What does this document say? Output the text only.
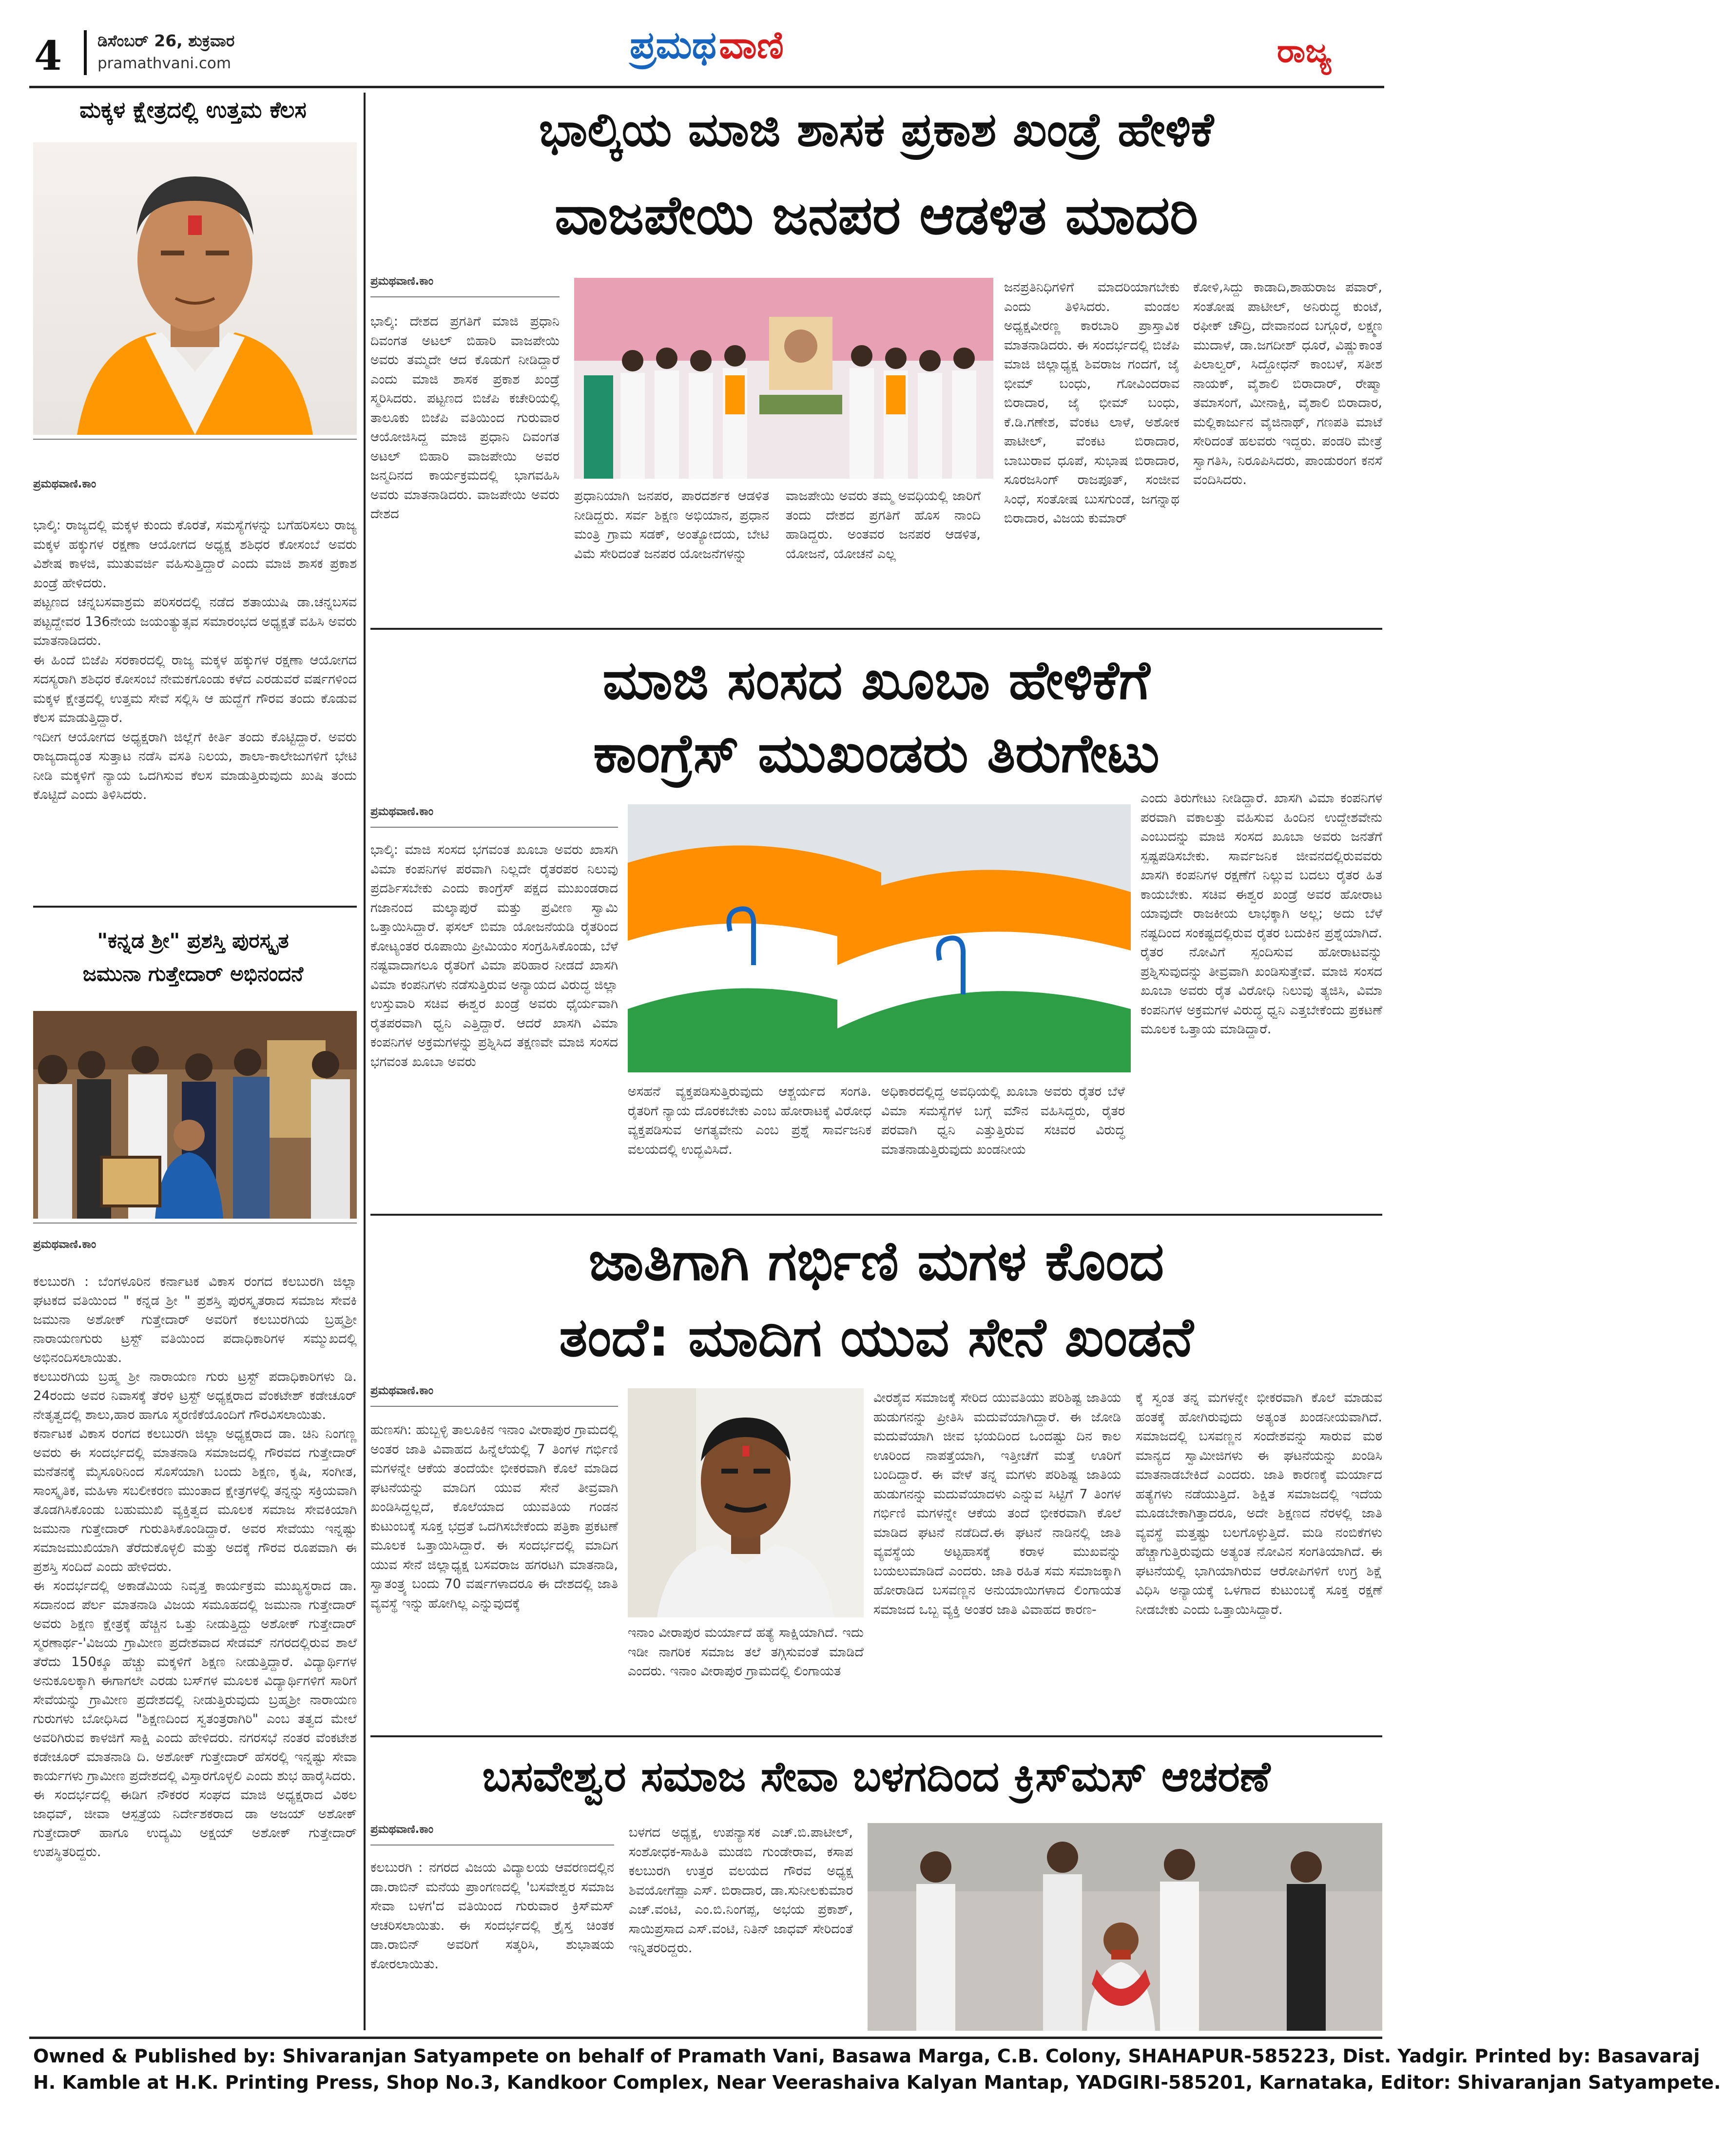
4 ಡಿಸೆಂಬರ್ 26, ಶುಕ್ರವಾರ
pramathvani.com	ಪ್ರಮಥ ವಾಣಿ	ರಾಜ್ಯ
ಮಕ್ಕಳ ಕ್ಷೇತ್ರದಲ್ಲಿ ಉತ್ತಮ ಕೆಲಸ
ಪ್ರಮಥವಾಣಿ.ಕಾಂ

ಭಾಲ್ಕಿ: ರಾಜ್ಯದಲ್ಲಿ ಮಕ್ಕಳ ಕುಂದು ಕೊರತೆ, ಸಮಸ್ಯೆಗಳನ್ನು ಬಗೆಹರಿಸಲು ರಾಜ್ಯ ಮಕ್ಕಳ ಹಕ್ಕುಗಳ ರಕ್ಷಣಾ ಆಯೋಗದ ಅಧ್ಯಕ್ಷ ಶಶಿಧರ ಕೋಸಂಬೆ ಅವರು ವಿಶೇಷ ಕಾಳಜಿ, ಮುತುವರ್ಜಿ ವಹಿಸುತ್ತಿದ್ದಾರೆ ಎಂದು ಮಾಜಿ ಶಾಸಕ ಪ್ರಕಾಶ ಖಂಡ್ರೆ ಹೇಳಿದರು.

ಪಟ್ಟಣದ ಚನ್ನಬಸವಾಶ್ರಮ ಪರಿಸರದಲ್ಲಿ ನಡೆದ ಶತಾಯುಷಿ ಡಾ.ಚನ್ನಬಸವ ಪಟ್ಟದ್ದೇವರ 136ನೇಯ ಜಯಂತ್ಯುತ್ಸವ ಸಮಾರಂಭದ ಅಧ್ಯಕ್ಷತೆ ವಹಿಸಿ ಅವರು ಮಾತನಾಡಿದರು.

ಈ ಹಿಂದೆ ಬಿಜೆಪಿ ಸರಕಾರದಲ್ಲಿ ರಾಜ್ಯ ಮಕ್ಕಳ ಹಕ್ಕುಗಳ ರಕ್ಷಣಾ ಆಯೋಗದ ಸದಸ್ಯರಾಗಿ ಶಶಿಧರ ಕೋಸಂಬೆ ನೇಮಕಗೊಂಡು ಕಳೆದ ಎರಡುವರೆ ವರ್ಷಗಳಿಂದ ಮಕ್ಕಳ ಕ್ಷೇತ್ರದಲ್ಲಿ ಉತ್ತಮ ಸೇವೆ ಸಲ್ಲಿಸಿ ಆ ಹುದ್ದೆಗೆ ಗೌರವ ತಂದು ಕೊಡುವ ಕೆಲಸ ಮಾಡುತ್ತಿದ್ದಾರೆ.

ಇದೀಗ ಆಯೋಗದ ಅಧ್ಯಕ್ಷರಾಗಿ ಜಿಲ್ಲೆಗೆ ಕೀರ್ತಿ ತಂದು ಕೊಟ್ಟಿದ್ದಾರೆ. ಅವರು ರಾಜ್ಯದಾದ್ಯಂತ ಸುತ್ತಾಟ ನಡೆಸಿ ವಸತಿ ನಿಲಯ, ಶಾಲಾ-ಕಾಲೇಜುಗಳಿಗೆ ಭೇಟಿ ನೀಡಿ ಮಕ್ಕಳಿಗೆ ನ್ಯಾಯ ಒದಗಿಸುವ ಕೆಲಸ ಮಾಡುತ್ತಿರುವುದು ಖುಷಿ ತಂದು ಕೊಟ್ಟಿದೆ ಎಂದು ತಿಳಿಸಿದರು.

"ಕನ್ನಡ ಶ್ರೀ" ಪ್ರಶಸ್ತಿ ಪುರಸ್ಕೃತ
ಜಮುನಾ ಗುತ್ತೇದಾರ್ ಅಭಿನಂದನೆ
ಪ್ರಮಥವಾಣಿ.ಕಾಂ

ಕಲಬುರಗಿ : ಬೆಂಗಳೂರಿನ ಕರ್ನಾಟಕ ವಿಕಾಸ ರಂಗದ ಕಲಬುರಗಿ ಜಿಲ್ಲಾ ಘಟಕದ ವತಿಯಿಂದ " ಕನ್ನಡ ಶ್ರೀ " ಪ್ರಶಸ್ತಿ ಪುರಸ್ಕೃತರಾದ ಸಮಾಜ ಸೇವಕಿ ಜಮುನಾ ಅಶೋಕ್ ಗುತ್ತೇದಾರ್ ಅವರಿಗೆ ಕಲಬುರಗಿಯ ಬ್ರಹ್ಮಶ್ರೀ ನಾರಾಯಣಗುರು ಟ್ರಸ್ಟ್ ವತಿಯಿಂದ ಪದಾಧಿಕಾರಿಗಳ ಸಮ್ಮುಖದಲ್ಲಿ ಅಭಿನಂದಿಸಲಾಯಿತು.

ಕಲಬುರಗಿಯ ಬ್ರಹ್ಮ ಶ್ರೀ ನಾರಾಯಣ ಗುರು ಟ್ರಸ್ಟ್ ಪದಾಧಿಕಾರಿಗಳು ಡಿ. 24ರಂದು ಅವರ ನಿವಾಸಕ್ಕೆ ತೆರಳಿ ಟ್ರಸ್ಟ್ ಅಧ್ಯಕ್ಷರಾದ ವೆಂಕಟೇಶ್ ಕಡೇಚೂರ್ ನೇತೃತ್ವದಲ್ಲಿ ಶಾಲು,ಹಾರ ಹಾಗೂ ಸ್ಮರಣಿಕೆಯೊಂದಿಗೆ ಗೌರವಿಸಲಾಯಿತು.

ಕರ್ನಾಟಕ ವಿಕಾಸ ರಂಗದ ಕಲಬುರಗಿ ಜಿಲ್ಲಾ ಅಧ್ಯಕ್ಷರಾದ ಡಾ. ಚಿನಿ ನಿಂಗಣ್ಣ ಅವರು ಈ ಸಂದರ್ಭದಲ್ಲಿ ಮಾತನಾಡಿ ಸಮಾಜದಲ್ಲಿ ಗೌರವದ ಗುತ್ತೇದಾರ್ ಮನೆತನಕ್ಕೆ ಮೈಸೂರಿನಿಂದ ಸೊಸೆಯಾಗಿ ಬಂದು ಶಿಕ್ಷಣ, ಕೃಷಿ, ಸಂಗೀತ, ಸಾಂಸ್ಕೃತಿಕ, ಮಹಿಳಾ ಸಬಲೀಕರಣ ಮುಂತಾದ ಕ್ಷೇತ್ರಗಳಲ್ಲಿ ತನ್ನನ್ನು ಸಕ್ರಿಯವಾಗಿ ತೊಡಗಿಸಿಕೊಂಡು ಬಹುಮುಖಿ ವ್ಯಕ್ತಿತ್ವದ ಮೂಲಕ ಸಮಾಜ ಸೇವಕಿಯಾಗಿ ಜಮುನಾ ಗುತ್ತೇದಾರ್ ಗುರುತಿಸಿಕೊಂಡಿದ್ದಾರೆ. ಅವರ ಸೇವೆಯು ಇನ್ನಷ್ಟು ಸಮಾಜಮುಖಿಯಾಗಿ ತೆರೆದುಕೊಳ್ಳಲಿ ಮತ್ತು ಅದಕ್ಕೆ ಗೌರವ ರೂಪವಾಗಿ ಈ ಪ್ರಶಸ್ತಿ ಸಂದಿದೆ ಎಂದು ಹೇಳಿದರು.

ಈ ಸಂದರ್ಭದಲ್ಲಿ ಅಕಾಡೆಮಿಯ ನಿವೃತ್ತ ಕಾರ್ಯಕ್ರಮ ಮುಖ್ಯಸ್ಥರಾದ ಡಾ. ಸದಾನಂದ ಪೆರ್ಲ ಮಾತನಾಡಿ ವಿಜಯ ಸಮೂಹದಲ್ಲಿ ಜಮುನಾ ಗುತ್ತೇದಾರ್ ಅವರು ಶಿಕ್ಷಣ ಕ್ಷೇತ್ರಕ್ಕೆ ಹೆಚ್ಚಿನ ಒತ್ತು ನೀಡುತ್ತಿದ್ದು ಅಶೋಕ್ ಗುತ್ತೇದಾರ್ ಸ್ಮರಣಾರ್ಥ-'ವಿಜಯ ಗ್ರಾಮೀಣ ಪ್ರದೇಶವಾದ ಸೇಡಮ್ ನಗರದಲ್ಲಿರುವ ಶಾಲೆ ತೆರೆದು 150ಕ್ಕೂ ಹೆಚ್ಚು ಮಕ್ಕಳಿಗೆ ಶಿಕ್ಷಣ ನೀಡುತ್ತಿದ್ದಾರೆ. ವಿದ್ಯಾರ್ಥಿಗಳ ಅನುಕೂಲಕ್ಕಾಗಿ ಈಗಾಗಲೇ ಎರಡು ಬಸ್‌ಗಳ ಮೂಲಕ ವಿದ್ಯಾರ್ಥಿಗಳಿಗೆ ಸಾರಿಗೆ ಸೇವೆಯನ್ನು ಗ್ರಾಮೀಣ ಪ್ರದೇಶದಲ್ಲಿ ನೀಡುತ್ತಿರುವುದು ಬ್ರಹ್ಮಶ್ರೀ ನಾರಾಯಣ ಗುರುಗಳು ಬೋಧಿಸಿದ "ಶಿಕ್ಷಣದಿಂದ ಸ್ವತಂತ್ರರಾಗಿರಿ" ಎಂಬ ತತ್ವದ ಮೇಲೆ ಅವರಿಗಿರುವ ಕಾಳಜಿಗೆ ಸಾಕ್ಷಿ ಎಂದು ಹೇಳಿದರು. ನಗರಸಭೆ ನಂತರ ವೆಂಕಟೇಶ ಕಡೇಚೂರ್ ಮಾತನಾಡಿ ದಿ. ಅಶೋಕ್ ಗುತ್ತೇದಾರ್ ಹೆಸರಲ್ಲಿ ಇನ್ನಷ್ಟು ಸೇವಾ ಕಾರ್ಯಗಳು ಗ್ರಾಮೀಣ ಪ್ರದೇಶದಲ್ಲಿ ವಿಸ್ತಾರಗೊಳ್ಳಲಿ ಎಂದು ಶುಭ ಹಾರೈಸಿದರು.

ಈ ಸಂದರ್ಭದಲ್ಲಿ ಈಡಿಗ ನೌಕರರ ಸಂಘದ ಮಾಜಿ ಅಧ್ಯಕ್ಷರಾದ ವಿಠಲ ಜಾಧವ್, ಜೀವಾ ಆಸ್ಪತ್ರೆಯ ನಿರ್ದೇಶಕರಾದ ಡಾ ಅಜಯ್ ಅಶೋಕ್ ಗುತ್ತೇದಾರ್ ಹಾಗೂ ಉದ್ಯಮಿ ಅಕ್ಷಯ್ ಅಶೋಕ್ ಗುತ್ತೇದಾರ್ ಉಪಸ್ಥಿತರಿದ್ದರು.

ಭಾಲ್ಕಿಯ ಮಾಜಿ ಶಾಸಕ ಪ್ರಕಾಶ ಖಂಡ್ರೆ ಹೇಳಿಕೆ
ವಾಜಪೇಯಿ ಜನಪರ ಆಡಳಿತ ಮಾದರಿ
ಪ್ರಮಥವಾಣಿ.ಕಾಂ
ಭಾಲ್ಕಿ: ದೇಶದ ಪ್ರಗತಿಗೆ ಮಾಜಿ ಪ್ರಧಾನಿ ದಿವಂಗತ ಅಟಲ್ ಬಿಹಾರಿ ವಾಜಪೇಯಿ ಅವರು ತಮ್ಮದೇ ಆದ ಕೊಡುಗೆ ನೀಡಿದ್ದಾರೆ ಎಂದು ಮಾಜಿ ಶಾಸಕ ಪ್ರಕಾಶ ಖಂಡ್ರೆ ಸ್ಮರಿಸಿದರು. ಪಟ್ಟಣದ ಬಿಜೆಪಿ ಕಚೇರಿಯಲ್ಲಿ ತಾಲೂಕು ಬಿಜೆಪಿ ವತಿಯಿಂದ ಗುರುವಾರ ಆಯೋಜಿಸಿದ್ದ ಮಾಜಿ ಪ್ರಧಾನಿ ದಿವಂಗತ ಅಟಲ್ ಬಿಹಾರಿ ವಾಜಪೇಯಿ ಅವರ ಜನ್ಮದಿನದ ಕಾರ್ಯಕ್ರಮದಲ್ಲಿ ಭಾಗವಹಿಸಿ ಅವರು ಮಾತನಾಡಿದರು. ವಾಜಪೇಯಿ ಅವರು ದೇಶದ
ಪ್ರಧಾನಿಯಾಗಿ ಜನಪರ, ಪಾರದರ್ಶಕ ಆಡಳಿತ ನೀಡಿದ್ದರು. ಸರ್ವ ಶಿಕ್ಷಣ ಅಭಿಯಾನ, ಪ್ರಧಾನ ಮಂತ್ರಿ ಗ್ರಾಮ ಸಡಕ್, ಅಂತ್ಯೋದಯ, ಬೇಟಿ ವಿಮೆ ಸೇರಿದಂತೆ ಜನಪರ ಯೋಜನೆಗಳನ್ನು
ವಾಜಪೇಯಿ ಅವರು ತಮ್ಮ ಅವಧಿಯಲ್ಲಿ ಜಾರಿಗೆ ತಂದು ದೇಶದ ಪ್ರಗತಿಗೆ ಹೊಸ ನಾಂದಿ ಹಾಡಿದ್ದರು. ಅಂತವರ ಜನಪರ ಆಡಳಿತ, ಯೋಜನೆ, ಯೋಚನೆ ಎಲ್ಲ
ಜನಪ್ರತಿನಿಧಿಗಳಿಗೆ ಮಾದರಿಯಾಗಬೇಕು ಎಂದು ತಿಳಿಸಿದರು. ಮಂಡಲ ಅಧ್ಯಕ್ಷವೀರಣ್ಣ ಕಾರಬಾರಿ ಪ್ರಾಸ್ತಾವಿಕ ಮಾತನಾಡಿದರು. ಈ ಸಂದರ್ಭದಲ್ಲಿ ಬಿಜೆಪಿ ಮಾಜಿ ಜಿಲ್ಲಾಧ್ಯಕ್ಷ ಶಿವರಾಜ ಗಂದಗೆ, ಜೈ ಭೀಮ್ ಬಂಧು, ಗೋವಿಂದರಾವ ಬಿರಾದಾರ, ಜೈ ಭೀಮ್ ಬಂಧು, ಕೆ.ಡಿ.ಗಣೇಶ, ವೆಂಕಟ ಲಾಳೆ, ಅಶೋಕ ಪಾಟೀಲ್, ವೆಂಕಟ ಬಿರಾದಾರ, ಬಾಬುರಾವ ಧೂಪೆ, ಸುಭಾಷ ಬಿರಾದಾರ, ಸೂರಜಸಿಂಗ್ ರಾಜಪೂತ್, ಸಂಜೀವ ಸಿಂಧೆ, ಸಂತೋಷ ಬುಸಗುಂಡೆ, ಜಗನ್ನಾಥ ಬಿರಾದಾರ, ವಿಜಯ ಕುಮಾರ್
ಕೋಳಿ,ಸಿದ್ದು ಕಾಡಾದಿ,ಶಾಹುರಾಜ ಪವಾರ್, ಸಂತೋಷ ಪಾಟೀಲ್, ಅನಿರುದ್ಧ ಕುಂಟೆ, ರಫೀಕ್ ಚೌದ್ರಿ, ದೇವಾನಂದ ಬಗ್ಗೂರೆ, ಲಕ್ಷ್ಮಣ ಮುದಾಳೆ, ಡಾ.ಜಗದೀಶ್ ಧೂರೆ, ವಿಷ್ಣುಕಾಂತ ಪಿಲಾಲ್ವರ್, ಸಿದ್ದೋಧನ್ ಕಾಂಬಳೆ, ಸತೀಶ ನಾಯಕ್, ವೈಶಾಲಿ ಬಿರಾದಾರ್, ರೇಷ್ಮಾ ತಮಾಸಂಗೆ, ಮೀನಾಕ್ಷಿ, ವೈಶಾಲಿ ಬಿರಾದಾರ, ಮಲ್ಲಿಕಾರ್ಜುನ ವೈಜಿನಾಥ್, ಗಣಪತಿ ಮಾಟೆ ಸೇರಿದಂತೆ ಹಲವರು ಇದ್ದರು. ಪಂಡರಿ ಮೇತ್ರೆ ಸ್ವಾಗತಿಸಿ, ನಿರೂಪಿಸಿದರು, ಪಾಂಡುರಂಗ ಕನಸೆ ವಂದಿಸಿದರು.
ಮಾಜಿ ಸಂಸದ ಖೂಬಾ ಹೇಳಿಕೆಗೆ
ಕಾಂಗ್ರೆಸ್ ಮುಖಂಡರು ತಿರುಗೇಟು
ಪ್ರಮಥವಾಣಿ.ಕಾಂ
ಭಾಲ್ಕಿ: ಮಾಜಿ ಸಂಸದ ಭಗವಂತ ಖೂಬಾ ಅವರು ಖಾಸಗಿ ವಿಮಾ ಕಂಪನಿಗಳ ಪರವಾಗಿ ನಿಲ್ಲದೇ ರೈತರಪರ ನಿಲುವು ಪ್ರದರ್ಶಿಸಬೇಕು ಎಂದು ಕಾಂಗ್ರೆಸ್ ಪಕ್ಷದ ಮುಖಂಡರಾದ ಗಜಾನಂದ ಮಲ್ಕಾಪುರೆ ಮತ್ತು ಪ್ರವೀಣ ಸ್ವಾಮಿ ಒತ್ತಾಯಿಸಿದ್ದಾರೆ. ಫಸಲ್ ಬಿಮಾ ಯೋಜನೆಯಡಿ ರೈತರಿಂದ ಕೋಟ್ಯಂತರ ರೂಪಾಯಿ ಪ್ರೀಮಿಯಂ ಸಂಗ್ರಹಿಸಿಕೊಂಡು, ಬೆಳೆ ನಷ್ಟವಾದಾಗಲೂ ರೈತರಿಗೆ ವಿಮಾ ಪರಿಹಾರ ನೀಡದೆ ಖಾಸಗಿ ವಿಮಾ ಕಂಪನಿಗಳು ನಡೆಸುತ್ತಿರುವ ಅನ್ಯಾಯದ ವಿರುದ್ಧ ಜಿಲ್ಲಾ ಉಸ್ತುವಾರಿ ಸಚಿವ ಈಶ್ವರ ಖಂಡ್ರೆ ಅವರು ಧೈರ್ಯವಾಗಿ ರೈತಪರವಾಗಿ ಧ್ವನಿ ಎತ್ತಿದ್ದಾರೆ. ಆದರೆ ಖಾಸಗಿ ವಿಮಾ ಕಂಪನಿಗಳ ಅಕ್ರಮಗಳನ್ನು ಪ್ರಶ್ನಿಸಿದ ತಕ್ಷಣವೇ ಮಾಜಿ ಸಂಸದ ಭಗವಂತ ಖೂಬಾ ಅವರು
ಅಸಹನೆ ವ್ಯಕ್ತಪಡಿಸುತ್ತಿರುವುದು ಆಶ್ಚರ್ಯದ ಸಂಗತಿ. ರೈತರಿಗೆ ನ್ಯಾಯ ದೊರಕಬೇಕು ಎಂಬ ಹೋರಾಟಕ್ಕೆ ವಿರೋಧ ವ್ಯಕ್ತಪಡಿಸುವ ಅಗತ್ಯವೇನು ಎಂಬ ಪ್ರಶ್ನೆ ಸಾರ್ವಜನಿಕ ವಲಯದಲ್ಲಿ ಉದ್ಭವಿಸಿದೆ.
ಅಧಿಕಾರದಲ್ಲಿದ್ದ ಅವಧಿಯಲ್ಲಿ ಖೂಬಾ ಅವರು ರೈತರ ಬೆಳೆ ವಿಮಾ ಸಮಸ್ಯೆಗಳ ಬಗ್ಗೆ ಮೌನ ವಹಿಸಿದ್ದರು, ರೈತರ ಪರವಾಗಿ ಧ್ವನಿ ಎತ್ತುತ್ತಿರುವ ಸಚಿವರ ವಿರುದ್ಧ ಮಾತನಾಡುತ್ತಿರುವುದು ಖಂಡನೀಯ
ಎಂದು ತಿರುಗೇಟು ನೀಡಿದ್ದಾರೆ. ಖಾಸಗಿ ವಿಮಾ ಕಂಪನಿಗಳ ಪರವಾಗಿ ವಕಾಲತ್ತು ವಹಿಸುವ ಹಿಂದಿನ ಉದ್ದೇಶವೇನು ಎಂಬುದನ್ನು ಮಾಜಿ ಸಂಸದ ಖೂಬಾ ಅವರು ಜನತೆಗೆ ಸ್ಪಷ್ಟಪಡಿಸಬೇಕು. ಸಾರ್ವಜನಿಕ ಜೀವನದಲ್ಲಿರುವವರು ಖಾಸಗಿ ಕಂಪನಿಗಳ ರಕ್ಷಣೆಗೆ ನಿಲ್ಲುವ ಬದಲು ರೈತರ ಹಿತ ಕಾಯಬೇಕು. ಸಚಿವ ಈಶ್ವರ ಖಂಡ್ರೆ ಅವರ ಹೋರಾಟ ಯಾವುದೇ ರಾಜಕೀಯ ಲಾಭಕ್ಕಾಗಿ ಅಲ್ಲ; ಅದು ಬೆಳೆ ನಷ್ಟದಿಂದ ಸಂಕಷ್ಟದಲ್ಲಿರುವ ರೈತರ ಬದುಕಿನ ಪ್ರಶ್ನೆಯಾಗಿದೆ. ರೈತರ ನೋವಿಗೆ ಸ್ಪಂದಿಸುವ ಹೋರಾಟವನ್ನು ಪ್ರಶ್ನಿಸುವುದನ್ನು ತೀವ್ರವಾಗಿ ಖಂಡಿಸುತ್ತೇವೆ. ಮಾಜಿ ಸಂಸದ ಖೂಬಾ ಅವರು ರೈತ ವಿರೋಧಿ ನಿಲುವು ತ್ಯಜಿಸಿ, ವಿಮಾ ಕಂಪನಿಗಳ ಅಕ್ರಮಗಳ ವಿರುದ್ಧ ಧ್ವನಿ ಎತ್ತಬೇಕೆಂದು ಪ್ರಕಟಣೆ ಮೂಲಕ ಒತ್ತಾಯ ಮಾಡಿದ್ದಾರೆ.
ಜಾತಿಗಾಗಿ ಗರ್ಭಿಣಿ ಮಗಳ ಕೊಂದ
ತಂದೆ: ಮಾದಿಗ ಯುವ ಸೇನೆ ಖಂಡನೆ
ಪ್ರಮಥವಾಣಿ.ಕಾಂ
ಹುಣಸಗಿ: ಹುಬ್ಬಳ್ಳಿ ತಾಲೂಕಿನ ಇನಾಂ ವೀರಾಪುರ ಗ್ರಾಮದಲ್ಲಿ ಅಂತರ ಜಾತಿ ವಿವಾಹದ ಹಿನ್ನೆಲೆಯಲ್ಲಿ 7 ತಿಂಗಳ ಗರ್ಭಿಣಿ ಮಗಳನ್ನೇ ಆಕೆಯ ತಂದೆಯೇ ಭೀಕರವಾಗಿ ಕೊಲೆ ಮಾಡಿದ ಘಟನೆಯನ್ನು ಮಾದಿಗ ಯುವ ಸೇನೆ ತೀವ್ರವಾಗಿ ಖಂಡಿಸಿದ್ದಲ್ಲದೆ, ಕೊಲೆಯಾದ ಯುವತಿಯ ಗಂಡನ ಕುಟುಂಬಕ್ಕೆ ಸೂಕ್ತ ಭದ್ರತೆ ಒದಗಿಸಬೇಕೆಂದು ಪತ್ರಿಕಾ ಪ್ರಕಟಣೆ ಮೂಲಕ ಒತ್ತಾಯಿಸಿದ್ದಾರೆ. ಈ ಸಂದರ್ಭದಲ್ಲಿ ಮಾದಿಗ ಯುವ ಸೇನೆ ಜಿಲ್ಲಾಧ್ಯಕ್ಷ ಬಸವರಾಜ ಹಗರಟಗಿ ಮಾತನಾಡಿ, ಸ್ವಾತಂತ್ರ್ಯ ಬಂದು 70 ವರ್ಷಗಳಾದರೂ ಈ ದೇಶದಲ್ಲಿ ಜಾತಿ ವ್ಯವಸ್ಥೆ ಇನ್ನು ಹೋಗಿಲ್ಲ ಎನ್ನುವುದಕ್ಕೆ
ಇನಾಂ ವೀರಾಪುರ ಮರ್ಯಾದೆ ಹತ್ಯೆ ಸಾಕ್ಷಿಯಾಗಿದೆ. ಇದು ಇಡೀ ನಾಗರಿಕ ಸಮಾಜ ತಲೆ ತಗ್ಗಿಸುವಂತೆ ಮಾಡಿದೆ ಎಂದರು. ಇನಾಂ ವೀರಾಪುರ ಗ್ರಾಮದಲ್ಲಿ ಲಿಂಗಾಯತ
ವೀರಶೈವ ಸಮಾಜಕ್ಕೆ ಸೇರಿದ ಯುವತಿಯು ಪರಿಶಿಷ್ಟ ಜಾತಿಯ ಹುಡುಗನನ್ನು ಪ್ರೀತಿಸಿ ಮದುವೆಯಾಗಿದ್ದಾರೆ. ಈ ಜೋಡಿ ಮದುವೆಯಾಗಿ ಜೀವ ಭಯದಿಂದ ಒಂದಷ್ಟು ದಿನ ಕಾಲ ಊರಿಂದ ನಾಪತ್ತೆಯಾಗಿ, ಇತ್ತೀಚೆಗೆ ಮತ್ತೆ ಊರಿಗೆ ಬಂದಿದ್ದಾರೆ. ಈ ವೇಳೆ ತನ್ನ ಮಗಳು ಪರಿಶಿಷ್ಟ ಜಾತಿಯ ಹುಡುಗನನ್ನು ಮದುವೆಯಾದಳು ಎನ್ನುವ ಸಿಟ್ಟಿಗೆ 7 ತಿಂಗಳ ಗರ್ಭಿಣಿ ಮಗಳನ್ನೇ ಆಕೆಯ ತಂದೆ ಭೀಕರವಾಗಿ ಕೊಲೆ ಮಾಡಿದ ಘಟನೆ ನಡೆದಿದೆ.ಈ ಘಟನೆ ನಾಡಿನಲ್ಲಿ ಜಾತಿ ವ್ಯವಸ್ಥೆಯ ಅಟ್ಟಹಾಸಕ್ಕೆ ಕರಾಳ ಮುಖವನ್ನು ಬಯಲುಮಾಡಿದೆ ಎಂದರು. ಜಾತಿ ರಹಿತ ಸಮ ಸಮಾಜಕ್ಕಾಗಿ ಹೋರಾಡಿದ ಬಸವಣ್ಣನ ಅನುಯಾಯಿಗಳಾದ ಲಿಂಗಾಯತ ಸಮಾಜದ ಒಬ್ಬ ವ್ಯಕ್ತಿ ಅಂತರ ಜಾತಿ ವಿವಾಹದ ಕಾರಣ-
ಕ್ಕೆ ಸ್ವಂತ ತನ್ನ ಮಗಳನ್ನೇ ಭೀಕರವಾಗಿ ಕೊಲೆ ಮಾಡುವ ಹಂತಕ್ಕೆ ಹೋಗಿರುವುದು ಅತ್ಯಂತ ಖಂಡನೀಯವಾಗಿದೆ. ಸಮಾಜದಲ್ಲಿ ಬಸವಣ್ಣನ ಸಂದೇಶವನ್ನು ಸಾರುವ ಮಠ ಮಾನ್ಯದ ಸ್ವಾಮೀಜಿಗಳು ಈ ಘಟನೆಯನ್ನು ಖಂಡಿಸಿ ಮಾತನಾಡಬೇಕಿದೆ ಎಂದರು. ಜಾತಿ ಕಾರಣಕ್ಕೆ ಮರ್ಯಾದ ಹತ್ಯೆಗಳು ನಡೆಯುತ್ತಿದೆ. ಶಿಕ್ಷಿತ ಸಮಾಜದಲ್ಲಿ ಇದೆಯ ಮೂಡಬೇಕಾಗಿತ್ತಾದರೂ, ಅದೇ ಶಿಕ್ಷಣದ ನೆರಳಲ್ಲಿ ಜಾತಿ ವ್ಯವಸ್ಥೆ ಮತ್ತಷ್ಟು ಬಲಗೊಳ್ಳುತ್ತಿದೆ. ಮಡಿ ನಂಬಿಕೆಗಳು ಹೆಚ್ಚಾಗುತ್ತಿರುವುದು ಅತ್ಯಂತ ನೋವಿನ ಸಂಗತಿಯಾಗಿದೆ. ಈ ಘಟನೆಯಲ್ಲಿ ಭಾಗಿಯಾಗಿರುವ ಆರೋಪಿಗಳಿಗೆ ಉಗ್ರ ಶಿಕ್ಷೆ ವಿಧಿಸಿ ಅನ್ಯಾಯಕ್ಕೆ ಒಳಗಾದ ಕುಟುಂಬಕ್ಕೆ ಸೂಕ್ತ ರಕ್ಷಣೆ ನೀಡಬೇಕು ಎಂದು ಒತ್ತಾಯಿಸಿದ್ದಾರೆ.
ಬಸವೇಶ್ವರ ಸಮಾಜ ಸೇವಾ ಬಳಗದಿಂದ ಕ್ರಿಸ್‌ಮಸ್ ಆಚರಣೆ
ಪ್ರಮಥವಾಣಿ.ಕಾಂ
ಕಲಬುರಗಿ : ನಗರದ ವಿಜಯ ವಿದ್ಯಾಲಯ ಆವರಣದಲ್ಲಿನ ಡಾ.ರಾಬಿನ್ ಮನೆಯ ಪ್ರಾಂಗಣದಲ್ಲಿ 'ಬಸವೇಶ್ವರ ಸಮಾಜ ಸೇವಾ ಬಳಗ'ದ ವತಿಯಿಂದ ಗುರುವಾರ ಕ್ರಿಸ್‌ಮಸ್ ಆಚರಿಸಲಾಯಿತು. ಈ ಸಂದರ್ಭದಲ್ಲಿ ಕ್ರೈಸ್ತ ಚಿಂತಕ ಡಾ.ರಾಬಿನ್ ಅವರಿಗೆ ಸತ್ಕರಿಸಿ, ಶುಭಾಷಯ ಕೋರಲಾಯಿತು.
ಬಳಗದ ಅಧ್ಯಕ್ಷ, ಉಪನ್ಯಾಸಕ ಎಚ್.ಬಿ.ಪಾಟೀಲ್, ಸಂಶೋಧಕ-ಸಾಹಿತಿ ಮುಡಬಿ ಗುಂಡೇರಾವ, ಕಸಾಪ ಕಲಬುರಗಿ ಉತ್ತರ ವಲಯದ ಗೌರವ ಅಧ್ಯಕ್ಷ ಶಿವಯೋಗೆಪ್ಪಾ ಎಸ್. ಬಿರಾದಾರ, ಡಾ.ಸುನೀಲಕುಮಾರ ಎಚ್.ವಂಟಿ, ಎಂ.ಬಿ.ನಿಂಗಪ್ಪ, ಅಭಯ ಪ್ರಕಾಶ್, ಸಾಯಿಪ್ರಸಾದ ಎಸ್.ವಂಟಿ, ನಿತಿನ್ ಜಾಧವ್ ಸೇರಿದಂತೆ ಇನ್ನಿತರರಿದ್ದರು.
Owned & Published by: Shivaranjan Satyampete on behalf of Pramath Vani, Basawa Marga, C.B. Colony, SHAHAPUR-585223, Dist. Yadgir. Printed by: Basavaraj
H. Kamble at H.K. Printing Press, Shop No.3, Kandkoor Complex, Near Veerashaiva Kalyan Mantap, YADGIRI-585201, Karnataka, Editor: Shivaranjan Satyampete.
